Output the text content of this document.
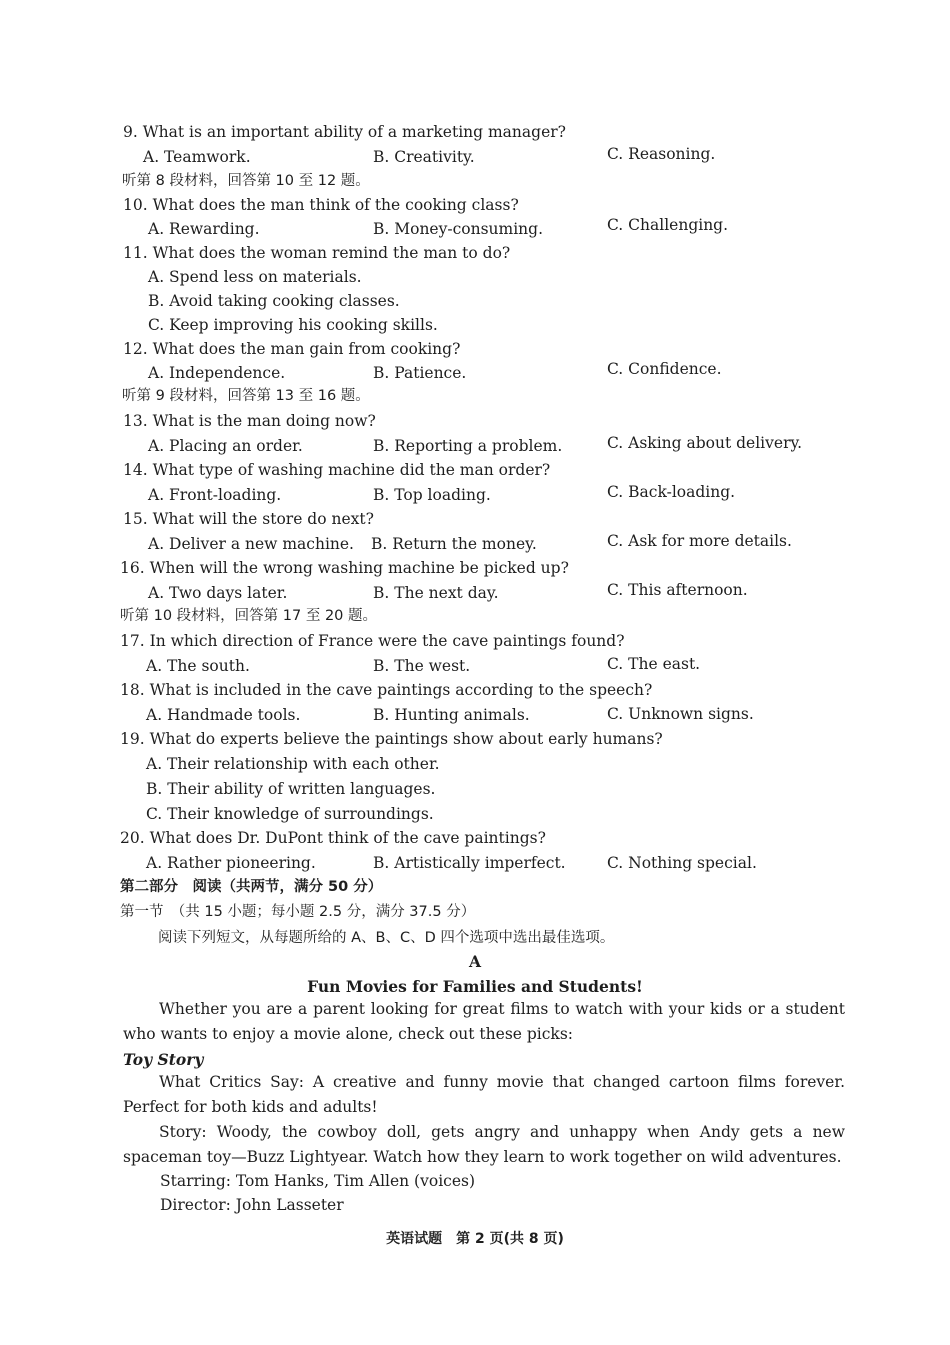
9. What is an important ability of a marketing manager?
A. Teamwork.	B. Creativity.	C. Reasoning.
听第 8 段材料，回答第 10 至 12 题。
10. What does the man think of the cooking class?
A. Rewarding.	B. Money-consuming.	C. Challenging.
11. What does the woman remind the man to do?
A. Spend less on materials.
B. Avoid taking cooking classes.
C. Keep improving his cooking skills.
12. What does the man gain from cooking?
A. Independence.	B. Patience.	C. Confidence.
听第 9 段材料，回答第 13 至 16 题。
13. What is the man doing now?
A. Placing an order.	B. Reporting a problem.	C. Asking about delivery.
14. What type of washing machine did the man order?
A. Front-loading.	B. Top loading.	C. Back-loading.
15. What will the store do next?
A. Deliver a new machine. B. Return the money.	C. Ask for more details.
16. When will the wrong washing machine be picked up?
A. Two days later.	B. The next day.	C. This afternoon.
听第 10 段材料，回答第 17 至 20 题。
17. In which direction of France were the cave paintings found?
A. The south.	B. The west.	C. The east.
18. What is included in the cave paintings according to the speech?
A. Handmade tools.	B. Hunting animals.	C. Unknown signs.
19. What do experts believe the paintings show about early humans?
A. Their relationship with each other.
B. Their ability of written languages.
C. Their knowledge of surroundings.
20. What does Dr. DuPont think of the cave paintings?
A. Rather pioneering.	B. Artistically imperfect.	C. Nothing special.
第二部分　阅读（共两节，满分 50 分）
第一节　（共 15 小题；每小题 2.5 分，满分 37.5 分）
阅读下列短文，从每题所给的 A、B、C、D 四个选项中选出最佳选项。
A
Fun Movies for Families and Students!
Whether you are a parent looking for great films to watch with your kids or a student who wants to enjoy a movie alone, check out these picks:
Toy Story
What Critics Say: A creative and funny movie that changed cartoon films forever. Perfect for both kids and adults!
Story: Woody, the cowboy doll, gets angry and unhappy when Andy gets a new spaceman toy—Buzz Lightyear. Watch how they learn to work together on wild adventures.
Starring: Tom Hanks, Tim Allen (voices)
Director: John Lasseter
英语试题　第 2 页(共 8 页)
